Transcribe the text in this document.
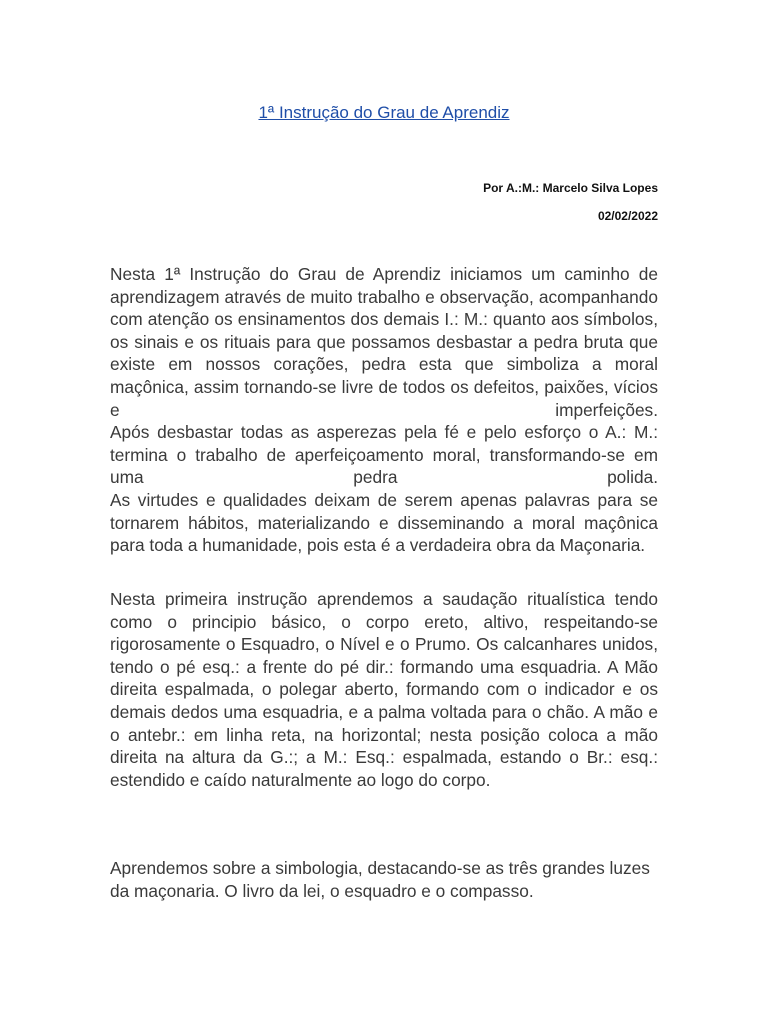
1ª Instrução do Grau de Aprendiz
Por A.:M.: Marcelo Silva Lopes
02/02/2022
Nesta 1ª Instrução do Grau de Aprendiz iniciamos um caminho de aprendizagem através de muito trabalho e observação, acompanhando com atenção os ensinamentos dos demais I.: M.: quanto aos símbolos, os sinais e os rituais para que possamos desbastar a pedra bruta que existe em nossos corações, pedra esta que simboliza a moral maçônica, assim tornando-se livre de todos os defeitos, paixões, vícios e imperfeições.
Após desbastar todas as asperezas pela fé e pelo esforço o A.: M.: termina o trabalho de aperfeiçoamento moral, transformando-se em uma pedra polida.
As virtudes e qualidades deixam de serem apenas palavras para se tornarem hábitos, materializando e disseminando a moral maçônica para toda a humanidade, pois esta é a verdadeira obra da Maçonaria.

Nesta primeira instrução aprendemos a saudação ritualística tendo como o principio básico, o corpo ereto, altivo, respeitando-se rigorosamente o Esquadro, o Nível e o Prumo. Os calcanhares unidos, tendo o pé esq.: a frente do pé dir.: formando uma esquadria. A Mão direita espalmada, o polegar aberto, formando com o indicador e os demais dedos uma esquadria, e a palma voltada para o chão. A mão e o antebr.: em linha reta, na horizontal; nesta posição coloca a mão direita na altura da G.:; a M.: Esq.: espalmada, estando o Br.: esq.: estendido e caído naturalmente ao logo do corpo.

Aprendemos sobre a simbologia, destacando-se as três grandes luzes da maçonaria. O livro da lei, o esquadro e o compasso.
